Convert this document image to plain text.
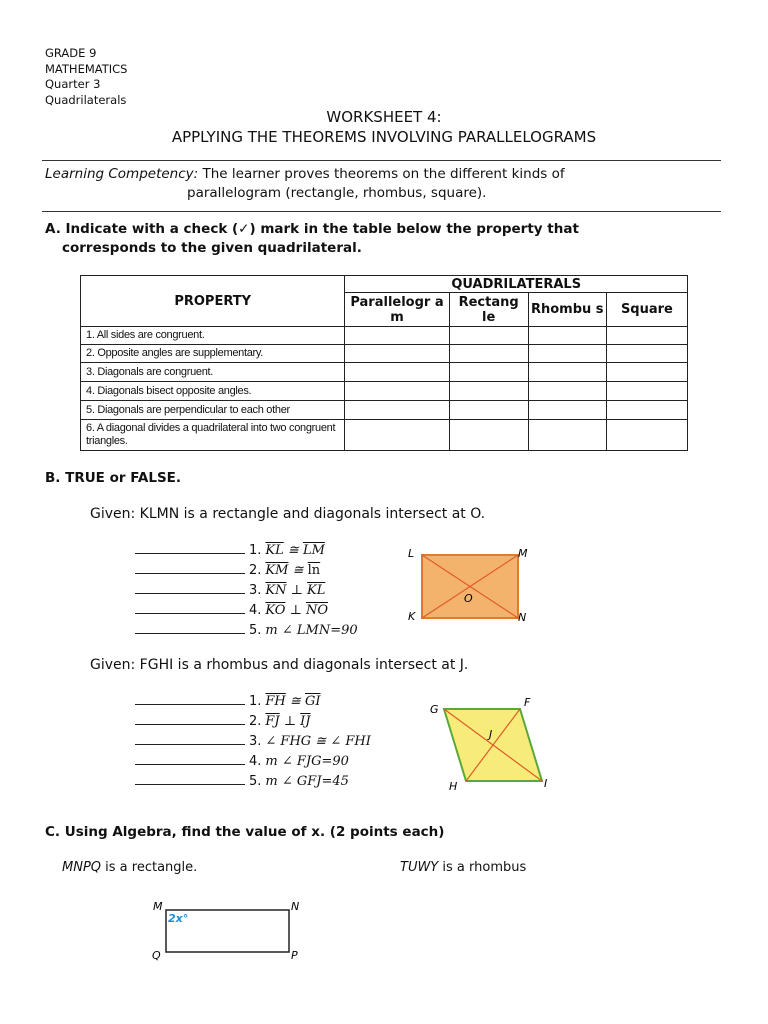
GRADE 9
MATHEMATICS
Quarter 3
Quadrilaterals
WORKSHEET 4:
APPLYING THE THEOREMS INVOLVING PARALLELOGRAMS
Learning Competency: The learner proves theorems on the different kinds of
parallelogram (rectangle, rhombus, square).
A. Indicate with a check (✓) mark in the table below the property that
corresponds to the given quadrilateral.
PROPERTY	QUADRILATERALS			
	Parallelogr am	Rectang le	Rhombu s	Square
1. All sides are congruent.				
2. Opposite angles are supplementary.				
3. Diagonals are congruent.				
4. Diagonals bisect opposite angles.				
5. Diagonals are perpendicular to each other				
6. A diagonal divides a quadrilateral into two congruent triangles.				
B. TRUE or FALSE.
Given: KLMN is a rectangle and diagonals intersect at O.
1. $\overline{KL}$ ≅ $\overline{LM}$
2. $\overline{KM}$ ≅ $\overline{ln}$
3. $\overline{KN}$ ⊥ $\overline{KL}$
4. $\overline{KO}$ ⊥ $\overline{NO}$
5. m ∠ LMN=90
L	M
K	N
O
Given: FGHI is a rhombus and diagonals intersect at J.
1. $\overline{FH}$ ≅ $\overline{GI}$
2. $\overline{FJ}$ ⊥ $\overline{IJ}$
3. ∠ FHG ≅ ∠ FHI
4. m ∠ FJG=90
5. m ∠ GFJ=45
G
F
H	I
J
C. Using Algebra, find the value of x. (2 points each)
MNPQ is a rectangle.	TUWY is a rhombus
M	N
Q	P
2x°
